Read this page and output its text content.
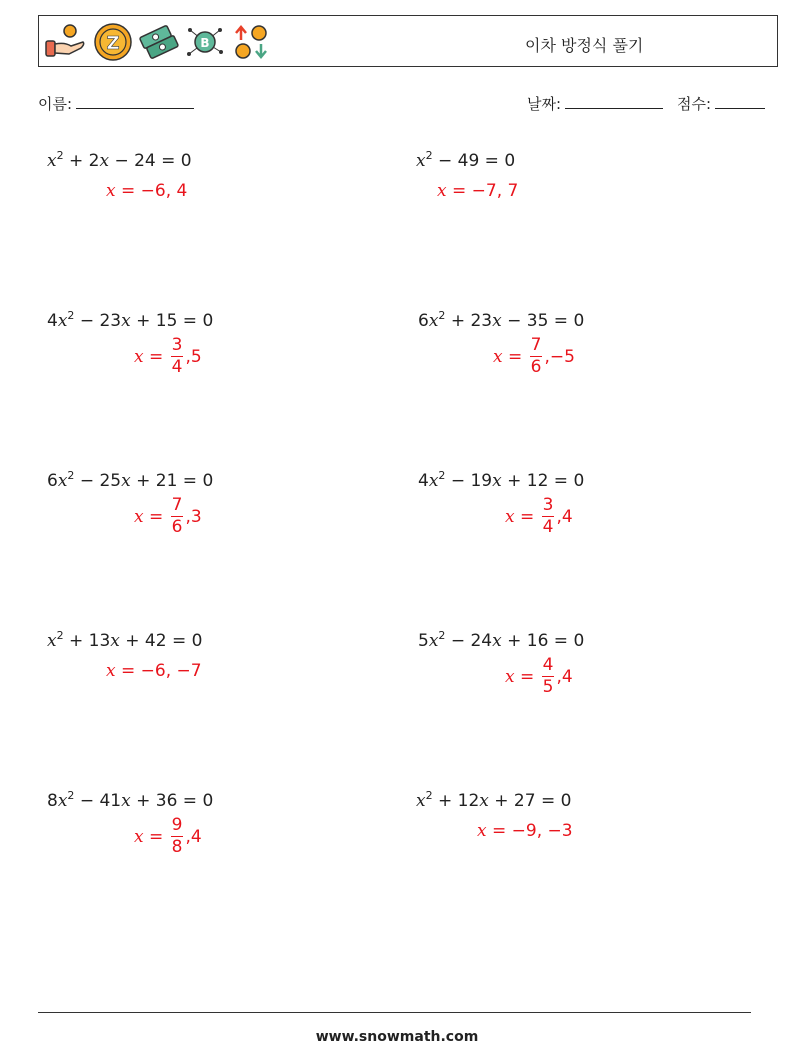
Z	B	이차 방정식 풀기
이름:	날짜:	점수:
$x^2 + 2x - 24 = 0$
x = −6, 4
$x^2 - 49 = 0$
x = −7, 7
$4x^2 - 23x + 15 = 0$
$x = \frac{3}{4} ,5$
$6x^2 + 23x - 35 = 0$
$x = \frac{7}{6} ,-5$
$6x^2 - 25x + 21 = 0$
$x = \frac{7}{6} ,3$
$4x^2 - 19x + 12 = 0$
$x = \frac{3}{4} ,4$
$x^2 + 13x + 42 = 0$
x = −6, −7
$5x^2 - 24x + 16 = 0$
$x = \frac{4}{5} ,4$
$8x^2 - 41x + 36 = 0$
$x = \frac{9}{8} ,4$
$x^2 + 12x + 27 = 0$
x = −9, −3
www.snowmath.com
